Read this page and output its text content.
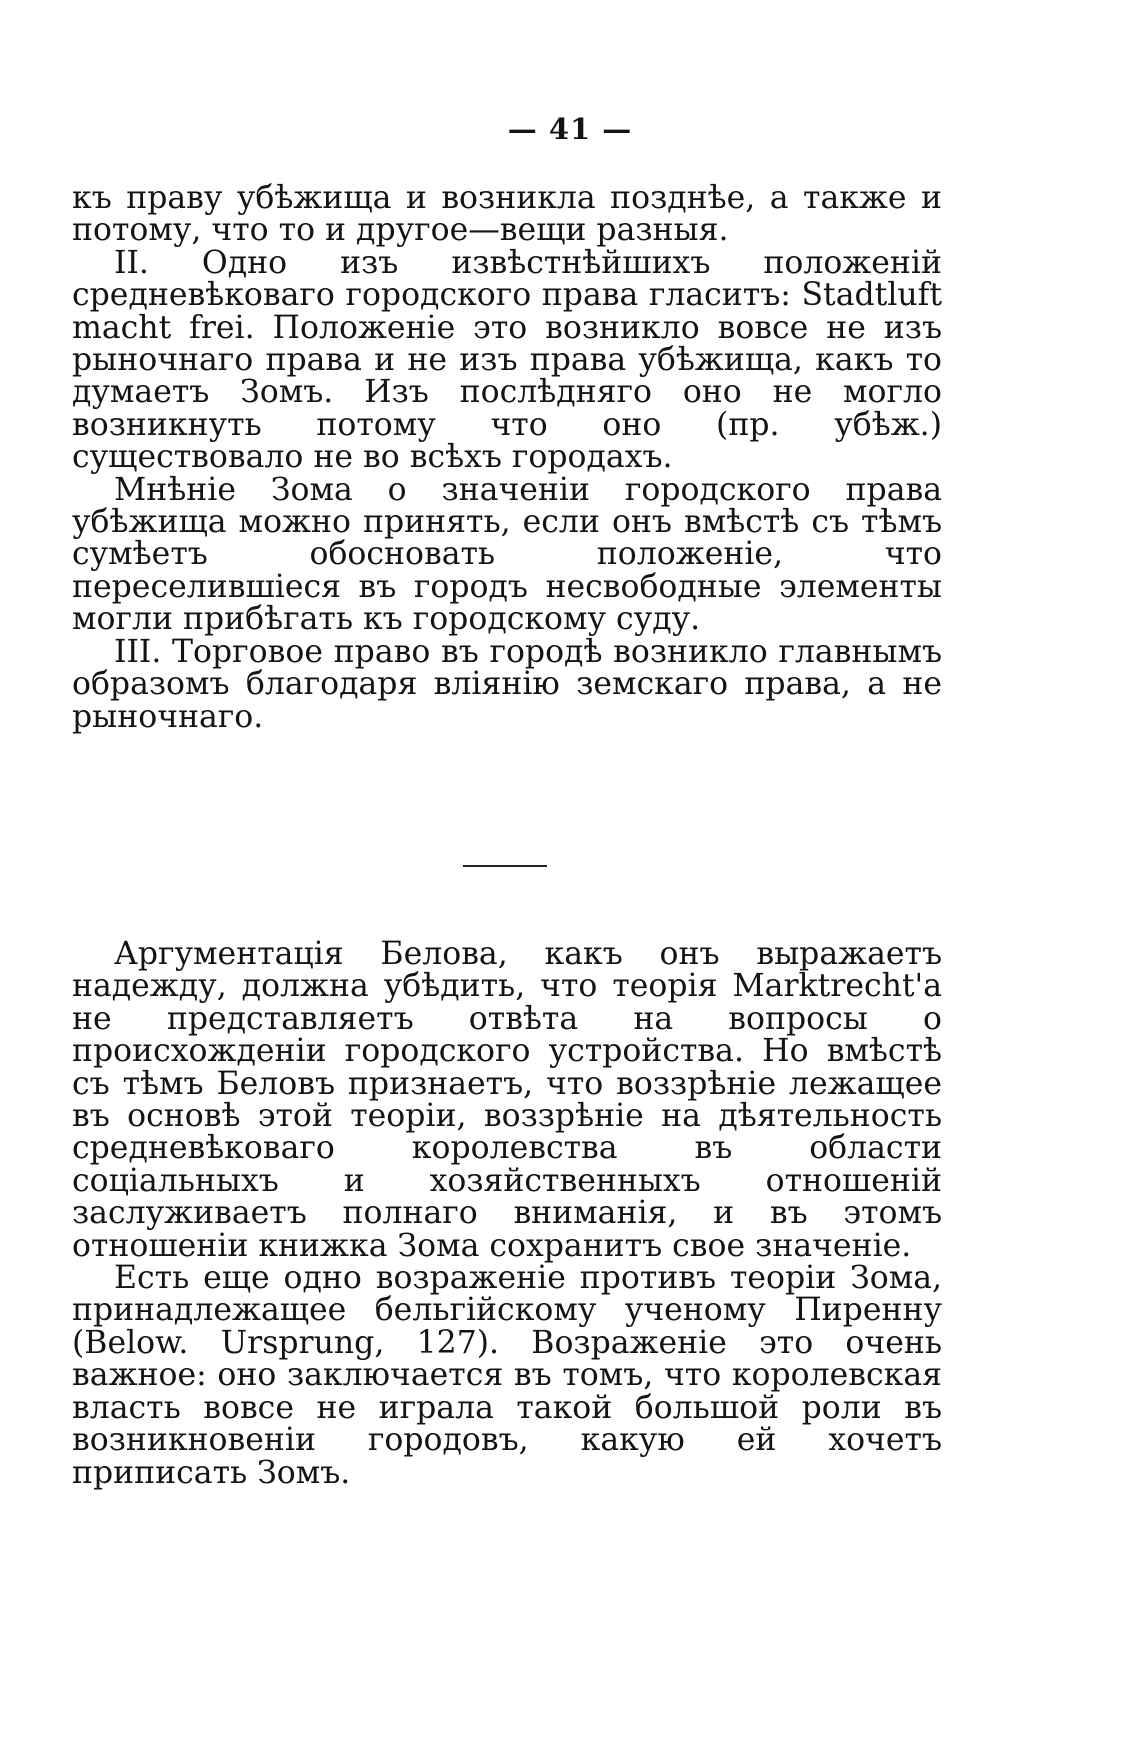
— 41 —

къ праву убѣжища и возникла позднѣе, а также и потому, что то и другое—вещи разныя.

II. Одно изъ извѣстнѣйшихъ положеній средневѣковаго городского права гласитъ: Stadtluft macht frei. Положеніе это возникло вовсе не изъ рыночнаго права и не изъ права убѣжища, какъ то думаетъ Зомъ. Изъ послѣдняго оно не могло возникнуть потому что оно (пр. убѣж.) существовало не во всѣхъ городахъ.

Мнѣніе Зома о значеніи городского права убѣжища можно принять, если онъ вмѣстѣ съ тѣмъ сумѣетъ обосновать положеніе, что переселившіеся въ городъ несвободные элементы могли прибѣгать къ городскому суду.

III. Торговое право въ городѣ возникло главнымъ образомъ благодаря вліянію земскаго права, а не рыночнаго.

Аргументація Белова, какъ онъ выражаетъ надежду, должна убѣдить, что теорія Marktrecht'а не представляетъ отвѣта на вопросы о происхожденіи городского устройства. Но вмѣстѣ съ тѣмъ Беловъ признаетъ, что воззрѣніе лежащее въ основѣ этой теоріи, воззрѣніе на дѣятельность средневѣковаго королевства въ области соціальныхъ и хозяйственныхъ отношеній заслуживаетъ полнаго вниманія, и въ этомъ отношеніи книжка Зома сохранитъ свое значеніе.

Есть еще одно возраженіе противъ теоріи Зома, принадлежащее бельгійскому ученому Пиренну (Below. Ursprung, 127). Возраженіе это очень важное: оно заключается въ томъ, что королевская власть вовсе не играла такой большой роли въ возникновеніи городовъ, какую ей хочетъ приписать Зомъ.
